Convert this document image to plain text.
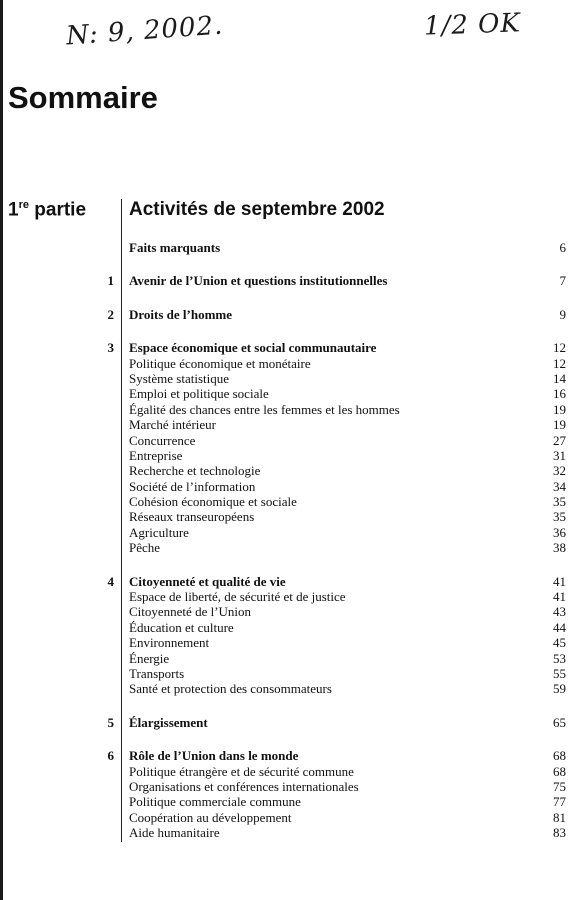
N: 9, 2002.	1/2 OK
Sommaire
1re partie Activités de septembre 2002
Faits marquants	6
1 Avenir de l’Union et questions institutionnelles	7
2 Droits de l’homme	9
3 Espace économique et social communautaire	12
Politique économique et monétaire	12
Système statistique	14
Emploi et politique sociale	16
Égalité des chances entre les femmes et les hommes	19
Marché intérieur	19
Concurrence	27
Entreprise	31
Recherche et technologie	32
Société de l’information	34
Cohésion économique et sociale	35
Réseaux transeuropéens	35
Agriculture	36
Pêche	38
4 Citoyenneté et qualité de vie	41
Espace de liberté, de sécurité et de justice	41
Citoyenneté de l’Union	43
Éducation et culture	44
Environnement	45
Énergie	53
Transports	55
Santé et protection des consommateurs	59
5 Élargissement	65
6 Rôle de l’Union dans le monde	68
Politique étrangère et de sécurité commune	68
Organisations et conférences internationales	75
Politique commerciale commune	77
Coopération au développement	81
Aide humanitaire	83
